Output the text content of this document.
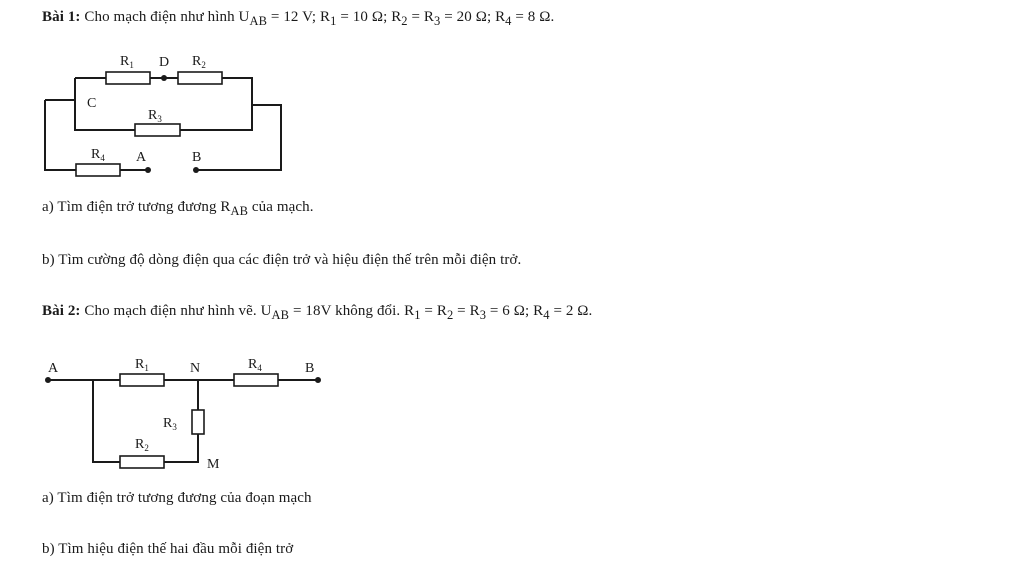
Bài 1: Cho mạch điện như hình $U_{AB} = 12$ V; $R_1 = 10$ Ω; $R_2 = R_3 = 20$ Ω; $R_4 = 8$ Ω.
$R_1$ D $R_2$
C
$R_3$
$R_4$ A	B
a) Tìm điện trở tương đương $R_{AB}$ của mạch.
b) Tìm cường độ dòng điện qua các điện trở và hiệu điện thế trên mỗi điện trở.
Bài 2: Cho mạch điện như hình vẽ. $U_{AB} = 18V$ không đổi. $R_1 = R_2 = R_3 = 6$ Ω; $R_4 = 2$ Ω.
A	$R_1$	N	$R_4$	B
$R_3$
$R_2$
M
a) Tìm điện trở tương đương của đoạn mạch
b) Tìm hiệu điện thế hai đầu mỗi điện trở
